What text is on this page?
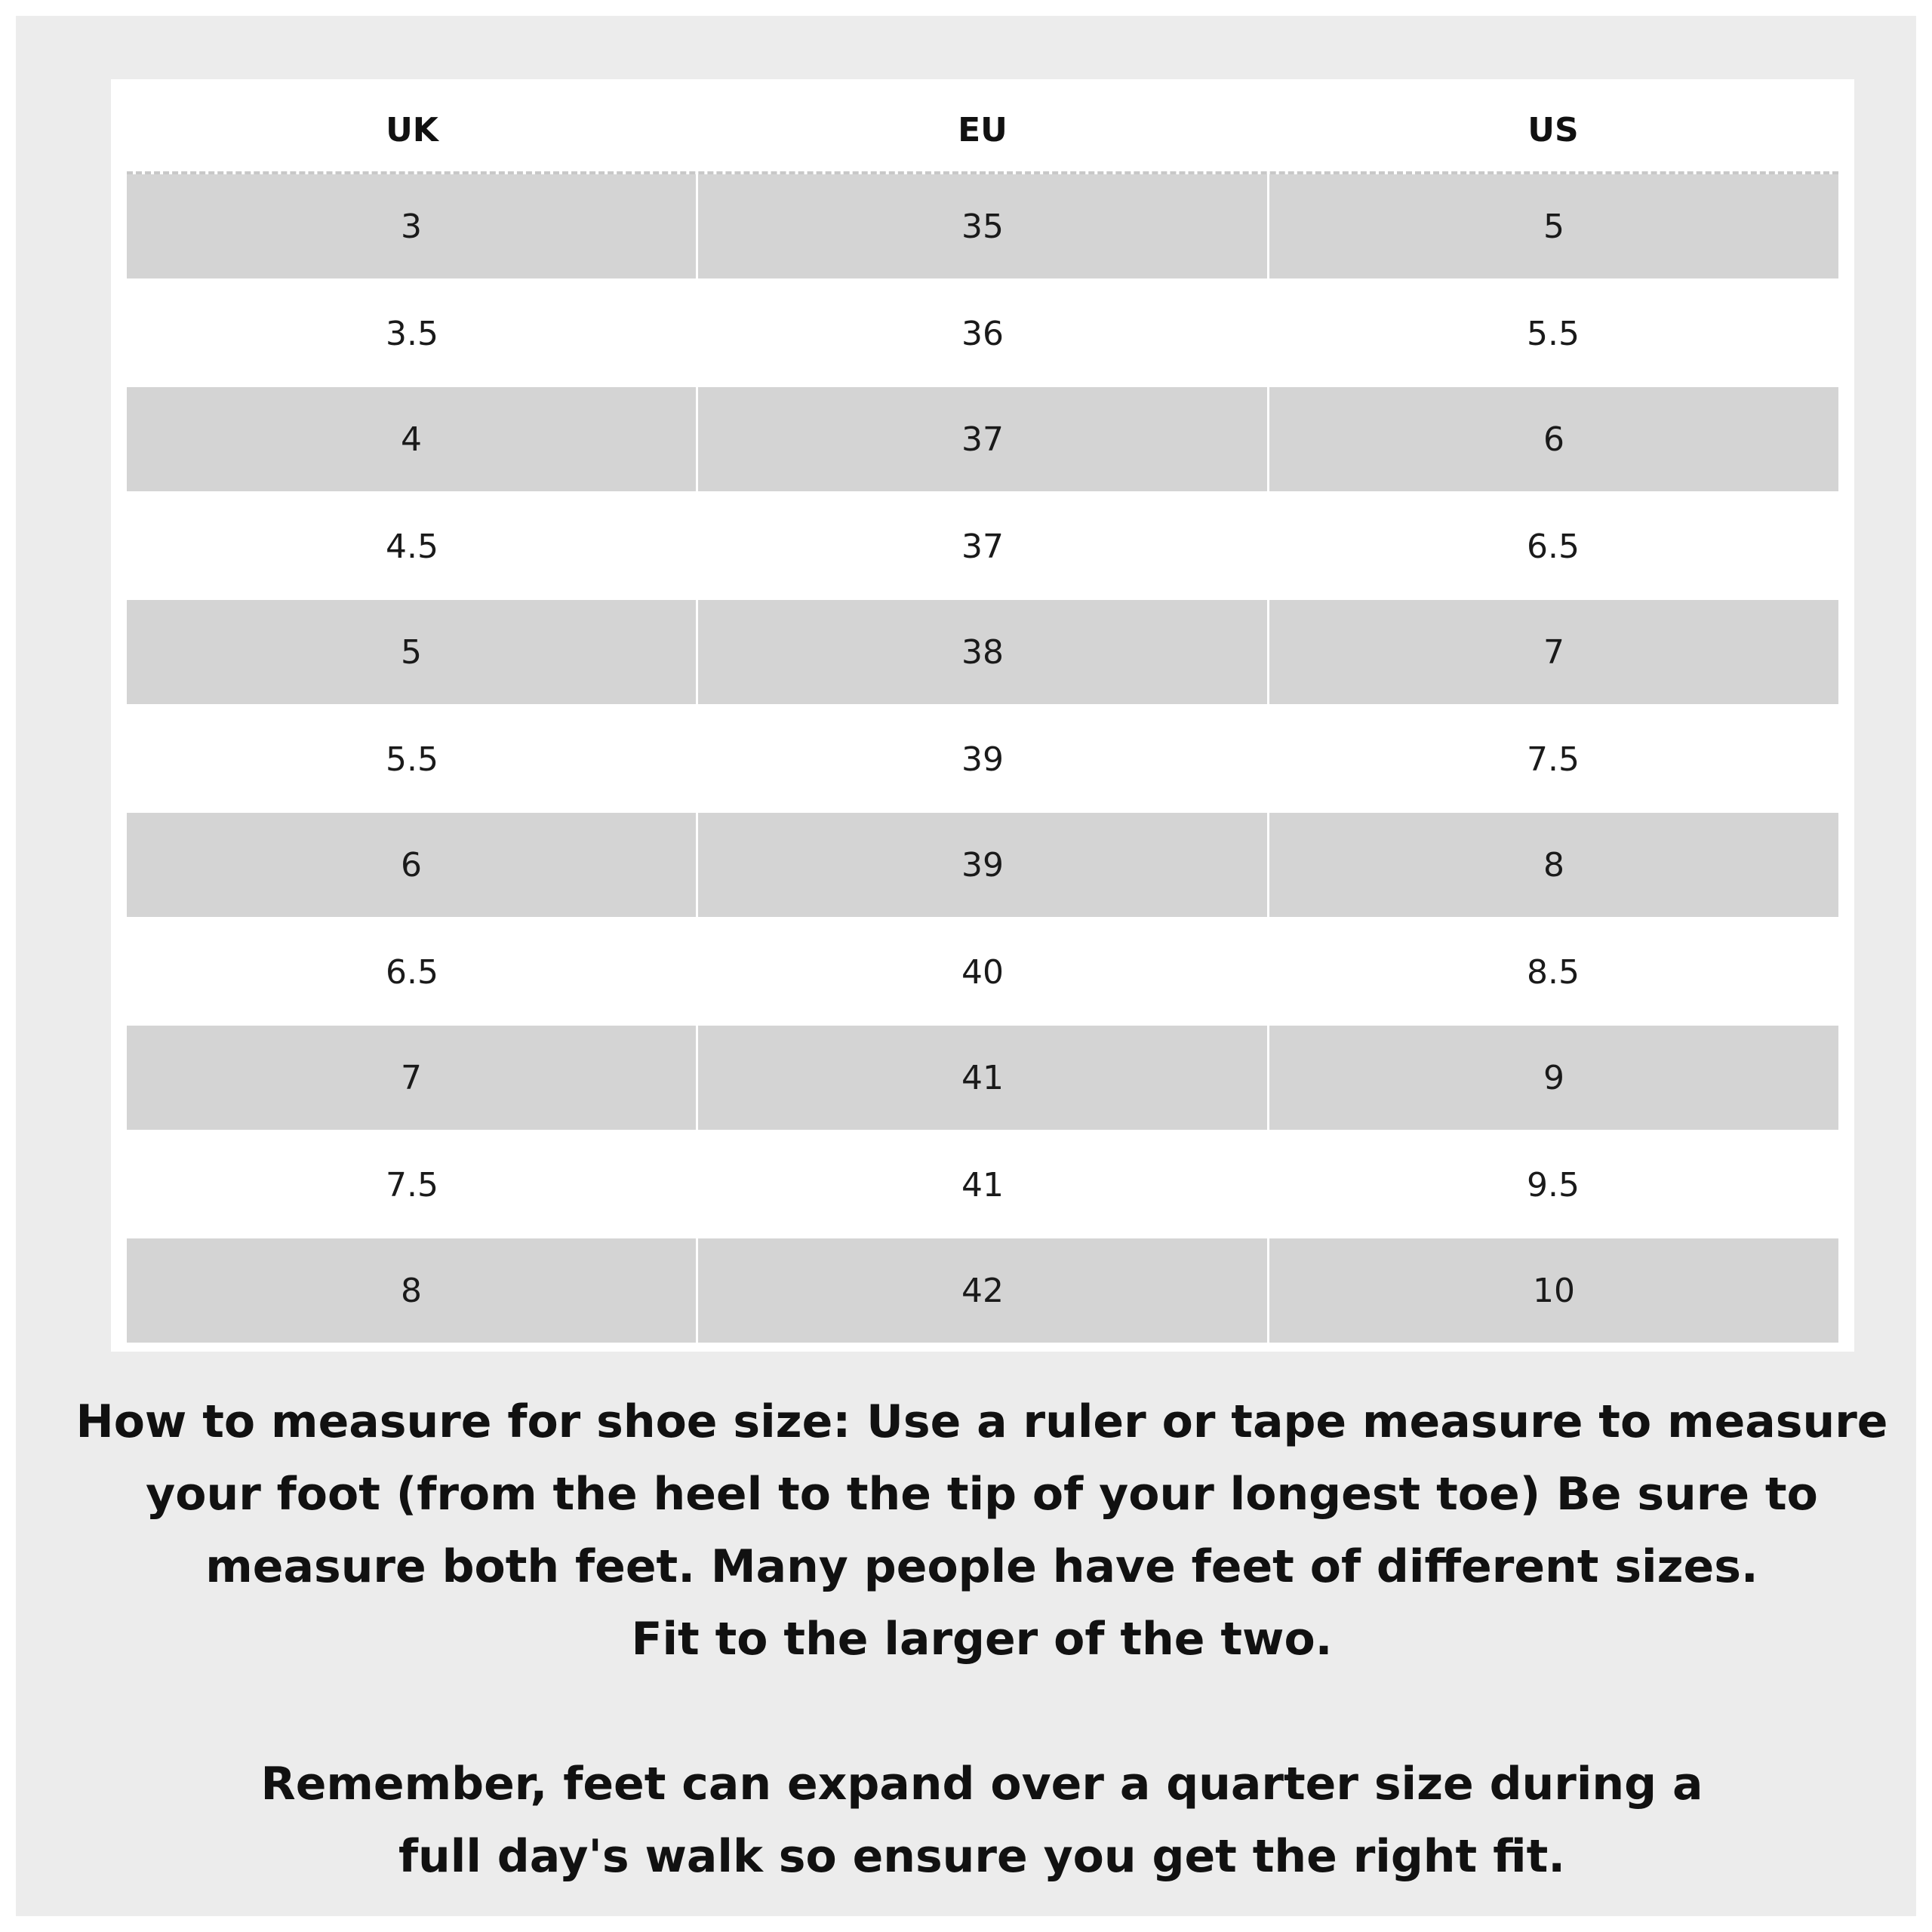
UK	EU	US
3	35	5
3.5	36	5.5
4	37	6
4.5	37	6.5
5	38	7
5.5	39	7.5
6	39	8
6.5	40	8.5
7	41	9
7.5	41	9.5
8	42	10

How to measure for shoe size: Use a ruler or tape measure to measure

your foot (from the heel to the tip of your longest toe) Be sure to

measure both feet. Many people have feet of different sizes.

Fit to the larger of the two.

Remember, feet can expand over a quarter size during a

full day's walk so ensure you get the right fit.
